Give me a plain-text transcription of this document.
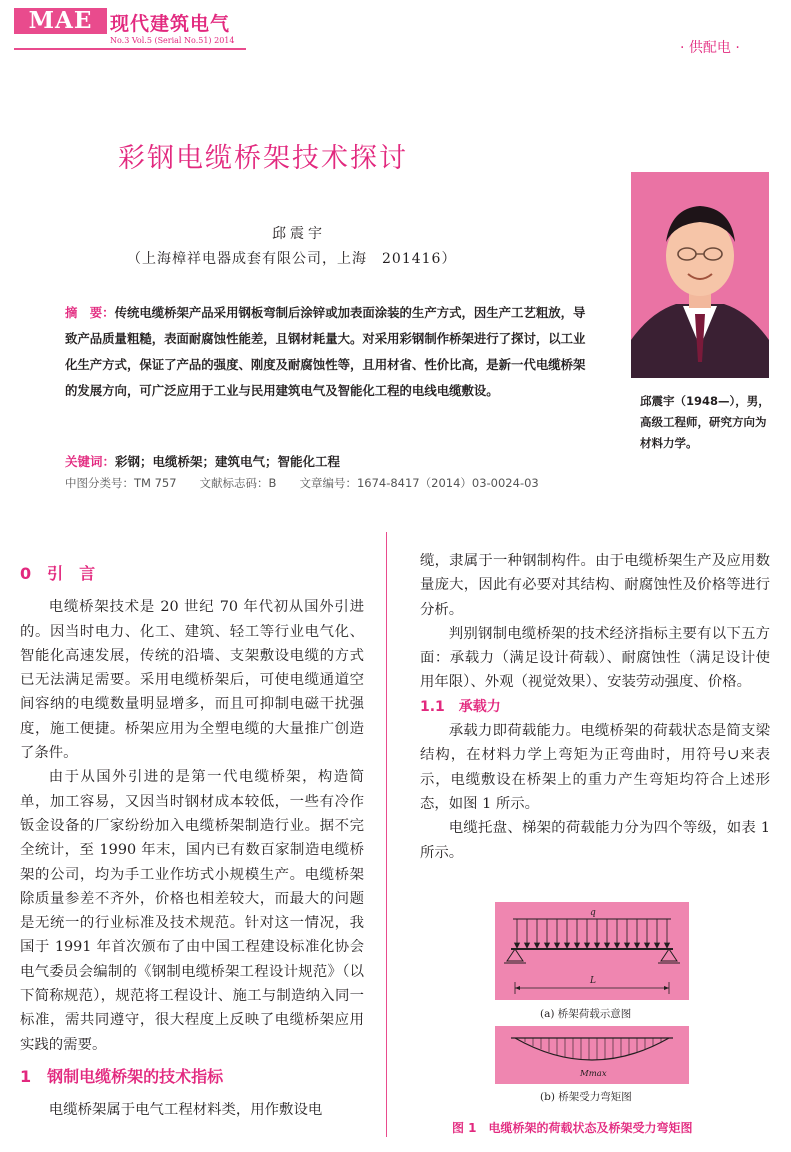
MAE 现代建筑电气
No.3 Vol.5 (Serial No.51) 2014	· 供配电 ·
彩钢电缆桥架技术探讨
邱震宇
（上海樟祥电器成套有限公司，上海　201416）
摘　要：传统电缆桥架产品采用钢板弯制后涂锌或加表面涂装的生产方式，因生产工艺粗放，导致产品质量粗糙，表面耐腐蚀性能差，且钢材耗量大。对采用彩钢制作桥架进行了探讨，以工业化生产方式，保证了产品的强度、刚度及耐腐蚀性等，且用材省、性价比高，是新一代电缆桥架的发展方向，可广泛应用于工业与民用建筑电气及智能化工程的电线电缆敷设。
关键词：彩钢；电缆桥架；建筑电气；智能化工程
中图分类号：TM 757　　文献标志码：B　　文章编号：1674-8417（2014）03-0024-03
邱震宇（1948—），男，高级工程师，研究方向为材料力学。
0　引　言

电缆桥架技术是 20 世纪 70 年代初从国外引进的。因当时电力、化工、建筑、轻工等行业电气化、智能化高速发展，传统的沿墙、支架敷设电缆的方式已无法满足需要。采用电缆桥架后，可使电缆通道空间容纳的电缆数量明显增多，而且可抑制电磁干扰强度，施工便捷。桥架应用为全塑电缆的大量推广创造了条件。

由于从国外引进的是第一代电缆桥架，构造简单，加工容易，又因当时钢材成本较低，一些有冷作钣金设备的厂家纷纷加入电缆桥架制造行业。据不完全统计，至 1990 年末，国内已有数百家制造电缆桥架的公司，均为手工业作坊式小规模生产。电缆桥架除质量参差不齐外，价格也相差较大，而最大的问题是无统一的行业标准及技术规范。针对这一情况，我国于 1991 年首次颁布了由中国工程建设标准化协会电气委员会编制的《钢制电缆桥架工程设计规范》（以下简称规范），规范将工程设计、施工与制造纳入同一标准，需共同遵守，很大程度上反映了电缆桥架应用实践的需要。

1　钢制电缆桥架的技术指标

电缆桥架属于电气工程材料类，用作敷设电

缆，隶属于一种钢制构件。由于电缆桥架生产及应用数量庞大，因此有必要对其结构、耐腐蚀性及价格等进行分析。

判别钢制电缆桥架的技术经济指标主要有以下五方面：承载力（满足设计荷载）、耐腐蚀性（满足设计使用年限）、外观（视觉效果）、安装劳动强度、价格。

1.1　承载力

承载力即荷载能力。电缆桥架的荷载状态是简支梁结构，在材料力学上弯矩为正弯曲时，用符号∪来表示，电缆敷设在桥架上的重力产生弯矩均符合上述形态，如图 1 所示。

电缆托盘、梯架的荷载能力分为四个等级，如表 1 所示。

q
L
(a) 桥架荷载示意图
Mmax
(b) 桥架受力弯矩图
图 1　电缆桥架的荷载状态及桥架受力弯矩图
